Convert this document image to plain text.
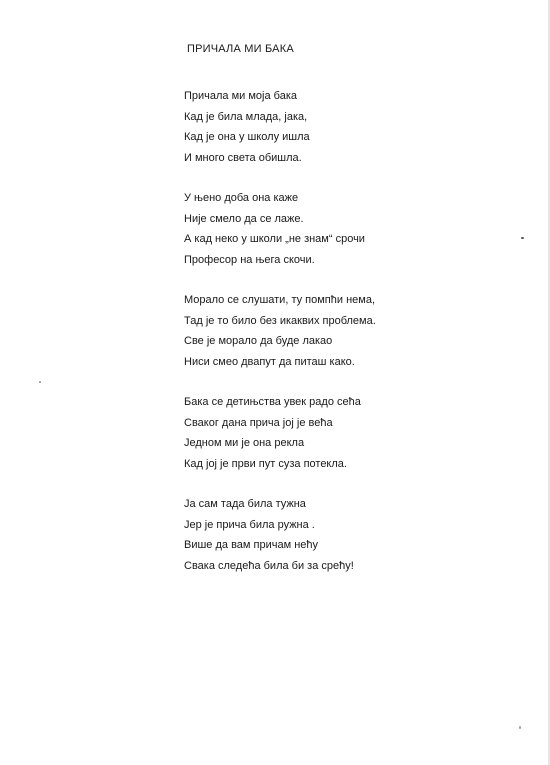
ПРИЧАЛА МИ БАКА
Причала ми моја бака
Кад је била млада, јака,
Кад је она у школу ишла
И много света обишла.
У њено доба она каже
Није смело да се лаже.
А кад неко у школи „не знам“ срочи
Професор на њега скочи.
Морало се слушати, ту помпћи нема,
Тад је то било без икаквих проблема.
Све је морало да буде лакао
Ниси смео двапут да питаш како.
Бака се детињства увек радо сећа
Сваког дана прича јој је већа
Једном ми је она рекла
Кад јој је први пут суза потекла.
Ја сам тада била тужна
Јер је прича била ружна .
Више да вам причам нећу
Свака следећа била би за срећу!
